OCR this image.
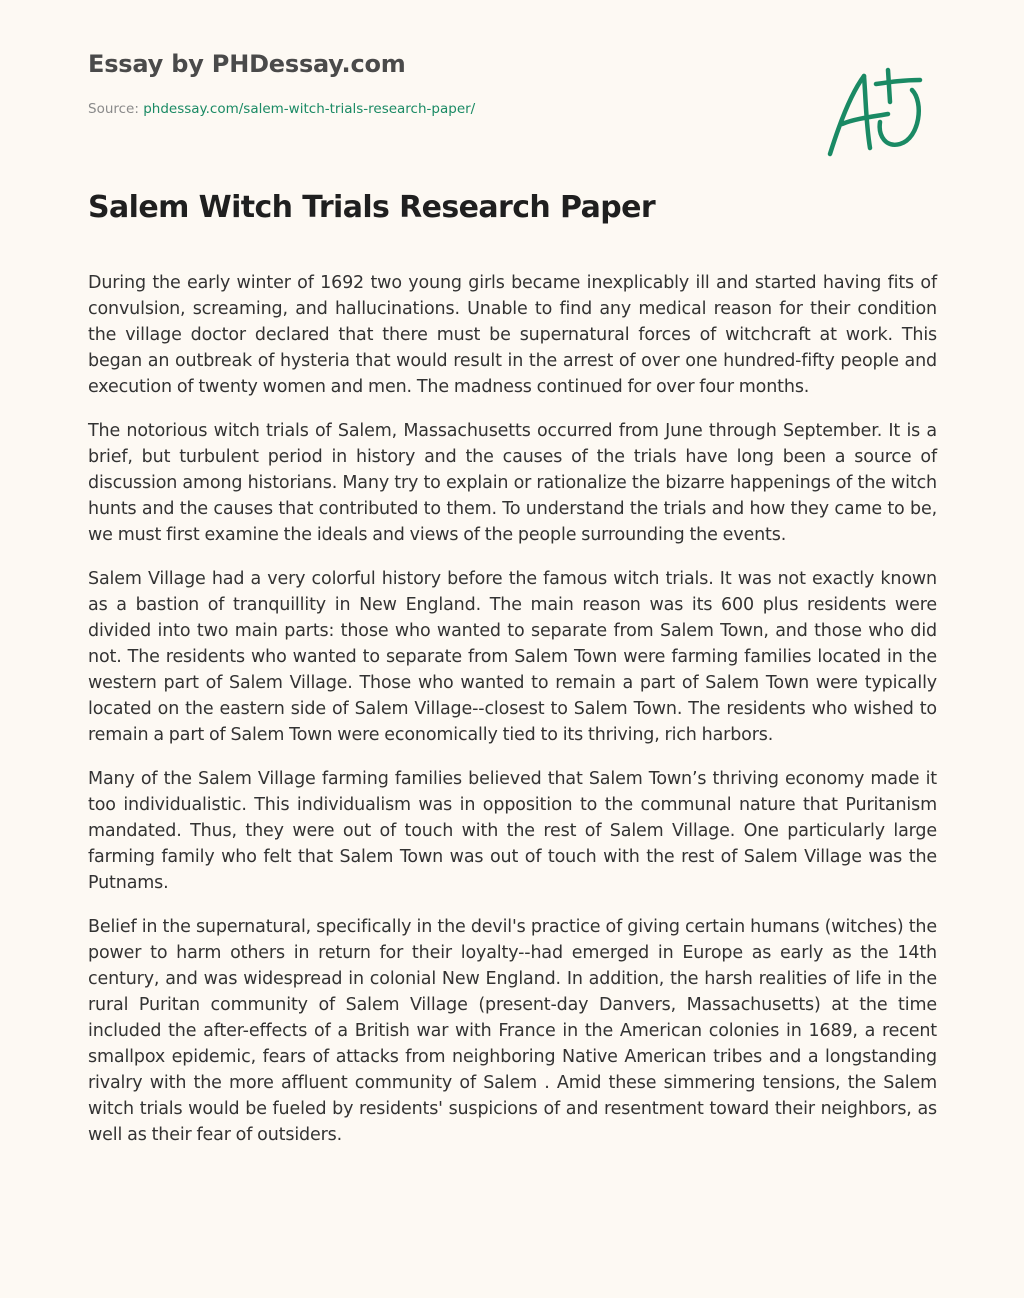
Essay by PHDessay.com
Source: phdessay.com/salem-witch-trials-research-paper/
Salem Witch Trials Research Paper

During the early winter of 1692 two young girls became inexplicably ill and started having fits of convulsion, screaming, and hallucinations. Unable to find any medical reason for their condition the village doctor declared that there must be supernatural forces of witchcraft at work. This began an outbreak of hysteria that would result in the arrest of over one hundred-fifty people and execution of twenty women and men. The madness continued for over four months.

The notorious witch trials of Salem, Massachusetts occurred from June through September. It is a brief, but turbulent period in history and the causes of the trials have long been a source of discussion among historians. Many try to explain or rationalize the bizarre happenings of the witch hunts and the causes that contributed to them. To understand the trials and how they came to be, we must first examine the ideals and views of the people surrounding the events.

Salem Village had a very colorful history before the famous witch trials. It was not exactly known as a bastion of tranquillity in New England. The main reason was its 600 plus residents were divided into two main parts: those who wanted to separate from Salem Town, and those who did not. The residents who wanted to separate from Salem Town were farming families located in the western part of Salem Village. Those who wanted to remain a part of Salem Town were typically located on the eastern side of Salem Village--closest to Salem Town. The residents who wished to remain a part of Salem Town were economically tied to its thriving, rich harbors.

Many of the Salem Village farming families believed that Salem Town’s thriving economy made it too individualistic. This individualism was in opposition to the communal nature that Puritanism mandated. Thus, they were out of touch with the rest of Salem Village. One particularly large farming family who felt that Salem Town was out of touch with the rest of Salem Village was the Putnams.

Belief in the supernatural, specifically in the devil's practice of giving certain humans (witches) the power to harm others in return for their loyalty--had emerged in Europe as early as the 14th century, and was widespread in colonial New England. In addition, the harsh realities of life in the rural Puritan community of Salem Village (present-day Danvers, Massachusetts) at the time included the after-effects of a British war with France in the American colonies in 1689, a recent smallpox epidemic, fears of attacks from neighboring Native American tribes and a longstanding rivalry with the more affluent community of Salem . Amid these simmering tensions, the Salem witch trials would be fueled by residents' suspicions of and resentment toward their neighbors, as well as their fear of outsiders.
